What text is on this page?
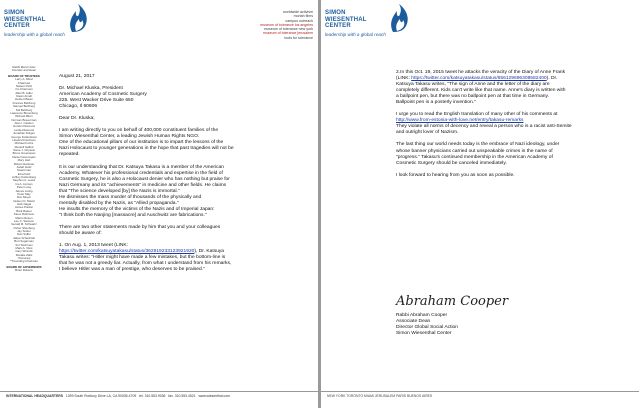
SIMON
WIESENTHAL
CENTER
leadership with a global reach
worldwide activism
moriah films
campus outreach
museum of tolerance los angeles
museum of tolerance new york
museum of tolerance jerusalem
tools for tolerance
Rabbi Marvin Hier
Founder and Dean
BOARD OF TRUSTEES
Larry A. Mizel
Chairman
Nelson Peltz
Co-Chairman
Allen B. Adler
Dawn Arnall
Herbert Baum
Frances Belzberg
Samuel Belzberg
Sid Belzberg
Lawrence Bloomberg
Richard Blum
Norman Braverman
Alan I. Casden
Gordon Diamond
Leslie Diamond
Jonathan Dolgen
George Feldenkreis
Howard Friedman
Michael Fuchs
Russell Galbut
Steve J. Ghysels
Bruce Greenspan
Daniel Greenspan
Mary Hart
Robert Hartman
Judah Heitz
Stuart Ivan
Ezra Katz
Jeffrey Katzenberg
Stephen A. Lewis
Ira A. Lipman
Peter Lowy
James Lustig
Peter May
Ron Meyer
Gideon D. Mazel
Jack Nagel
James Packer
Brett Ratner
Steve Robinson
Martin Rosen
Lee C. Samson
Gerald M. Schwartz
Osher Shenberg
Jay Snider
Dan Suffer
Jakee Schechtelt
Burt Sugarman
Sol Teichman
Mark A. Vitos
Gary Winnick
Rosalie Zalis
*Honorary
**Founding Chairman
BOARD OF GOVERNORS
Brian Roberts
August 21, 2017
Dr. Michael Kluska, President
American Academy of Cosmetic Surgery
225. West Wacker Drive Suite 650
Chicago, Il 60606
Dear Dr. Kluska;
I am writing directly to you on behalf of 400,000 constituent families of the
Simon Wiesenthal Center, a leading Jewish Human Rights NGO.
One of the educational pillars of our institution is to impart the lessons of the
Nazi Holocaust to younger generations in the hope that past tragedies will not be
repeated.
It is our understanding that Dr. Katsuya Takasu is a member of the American
Academy. Whatever his professional credentials and expertise in the field of
Cosmetic Surgery, he is also a Holocaust denier who has nothing but praise for
Nazi Germany and its "achievements" in medicine and other fields. He claims
that "The science developed [by] the Nazis is immortal."
He dismisses the mass murder of thousands of the physically and
mentally disabled by the Nazis, as "Allied propaganda."
He insults the memory of the victims of the Nazis and of Imperial Japan:
"I think both the Nanjing [massacre] and Auschwitz are fabrications."
There are two other statements made by him that you and your colleagues
should be aware of:
1. On Aug. 1, 2013 tweet (LINK:
https://twitter.com/katsuyatakasu/status/362919233123921920), Dr. Katsuya
Takasu writes: "Hitler might have made a few mistakes, but the bottom-line is
that he was not a greedy liar. Actually, from what I understand from his remarks,
I believe Hitler was a man of prestige, who deserves to be praised."
INTERNATIONAL HEADQUARTERS 1399 South Roxbury Drive LA, CA 90035-4709 tel. 310.553.9036 fax. 310.553.4521 www.wiesenthal.com
SIMON
WIESENTHAL
CENTER
leadership with a global reach
2.In this Oct. 19, 2015 tweet he attacks the veracity of the Diary of Anne Frank
(LINK: https://twitter.com/katsuyatakasu/status/656129696308582400). Dr.
Katsuya Takasu writes, "The sign of Anne and the letter of the diary are
completely different. Kids can't write like that name. Anne's diary is written with
a ballpoint pen, but there was no ballpoint pen at that time in Germany.
Ballpoint pen is a posterly invention."
I urge you to read the English translation of many other of his comments at
http://www.from-estonia-with-love.net/entry/takasu-remarks
They violate all norms of decency and reveal a person who is a racist anti-Semite
and outright lover of Nazism.
The last thing our world needs today is the embrace of Nazi ideology, under
whose banner physicians carried out unspeakable crimes in the name of
"progress." Takasu's continued membership in the American Academy of
Cosmetic Surgery should be canceled immediately.
I look forward to hearing from you as soon as possible.
Abraham Cooper
Rabbi Abraham Cooper
Associate Dean
Director Global Social Action
Simon Wiesenthal Center
NEW YORK TORONTO MIAMI JERUSALEM PARIS BUENOS AIRES
